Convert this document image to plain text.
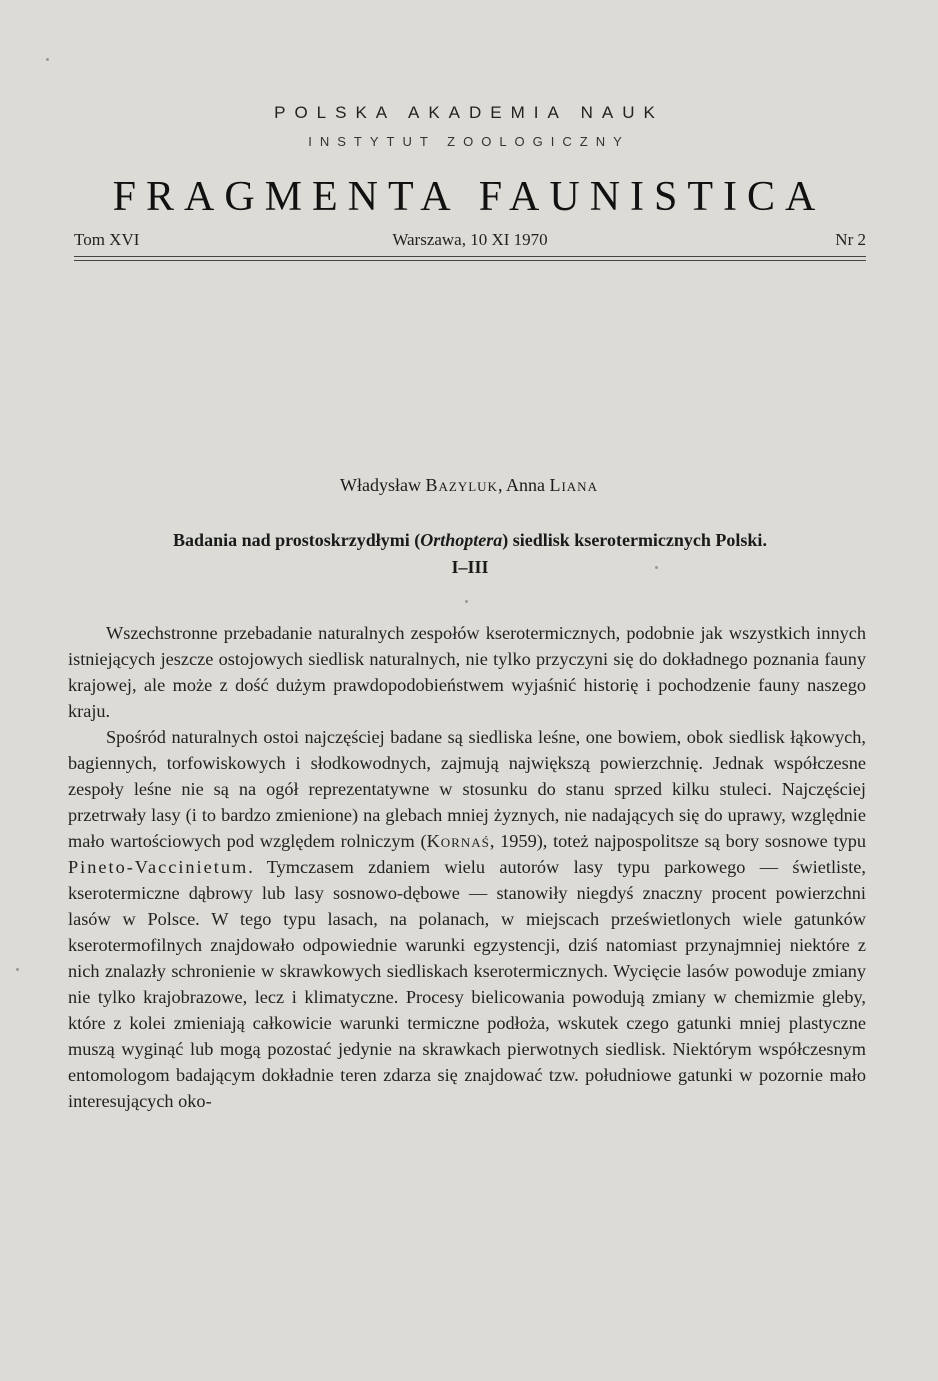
POLSKA AKADEMIA NAUK
INSTYTUT ZOOLOGICZNY
FRAGMENTA FAUNISTICA
Tom XVI	Warszawa, 10 XI 1970	Nr 2
Władysław Bazyluk, Anna Liana
Badania nad prostoskrzydłymi (Orthoptera) siedlisk kserotermicznych Polski.
I–III

Wszechstronne przebadanie naturalnych zespołów kserotermicznych, podobnie jak wszystkich innych istniejących jeszcze ostojowych siedlisk naturalnych, nie tylko przyczyni się do dokładnego poznania fauny krajowej, ale może z dość dużym prawdopodobieństwem wyjaśnić historię i pochodzenie fauny naszego kraju.

Spośród naturalnych ostoi najczęściej badane są siedliska leśne, one bowiem, obok siedlisk łąkowych, bagiennych, torfowiskowych i słodkowodnych, zajmują największą powierzchnię. Jednak współczesne zespoły leśne nie są na ogół reprezentatywne w stosunku do stanu sprzed kilku stuleci. Najczęściej przetrwały lasy (i to bardzo zmienione) na glebach mniej żyznych, nie nadających się do uprawy, względnie mało wartościowych pod względem rolniczym (Kornaś, 1959), toteż najpospolitsze są bory sosnowe typu Pineto-Vaccinietum. Tymczasem zdaniem wielu autorów lasy typu parkowego — świetliste, kserotermiczne dąbrowy lub lasy sosnowo-dębowe — stanowiły niegdyś znaczny procent powierzchni lasów w Polsce. W tego typu lasach, na polanach, w miejscach prześwietlonych wiele gatunków kserotermofilnych znajdowało odpowiednie warunki egzystencji, dziś natomiast przynajmniej niektóre z nich znalazły schronienie w skrawkowych siedliskach kserotermicznych. Wycięcie lasów powoduje zmiany nie tylko krajobrazowe, lecz i klimatyczne. Procesy bielicowania powodują zmiany w chemizmie gleby, które z kolei zmieniają całkowicie warunki termiczne podłoża, wskutek czego gatunki mniej plastyczne muszą wyginąć lub mogą pozostać jedynie na skrawkach pierwotnych siedlisk. Niektórym współczesnym entomologom badającym dokładnie teren zdarza się znajdować tzw. południowe gatunki w pozornie mało interesujących oko-
